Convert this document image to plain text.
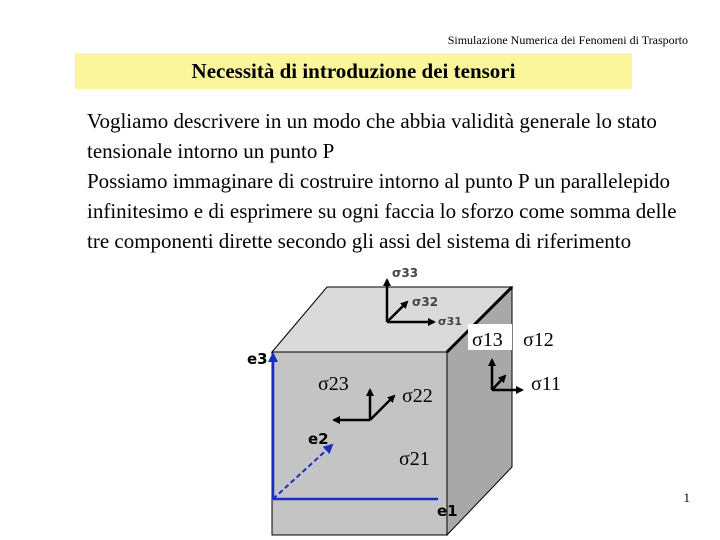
Simulazione Numerica dei Fenomeni di Trasporto
Necessità di introduzione dei tensori

Vogliamo descrivere in un modo che abbia validità generale lo stato tensionale intorno un punto P

Possiamo immaginare di costruire intorno al punto P un parallelepido infinitesimo e di esprimere su ogni faccia lo sforzo come somma delle tre componenti dirette secondo gli assi del sistema di riferimento

σ33
σ32
σ31
σ13
σ23
σ22
σ21
e3
e2
σ12
σ11
e1
1
